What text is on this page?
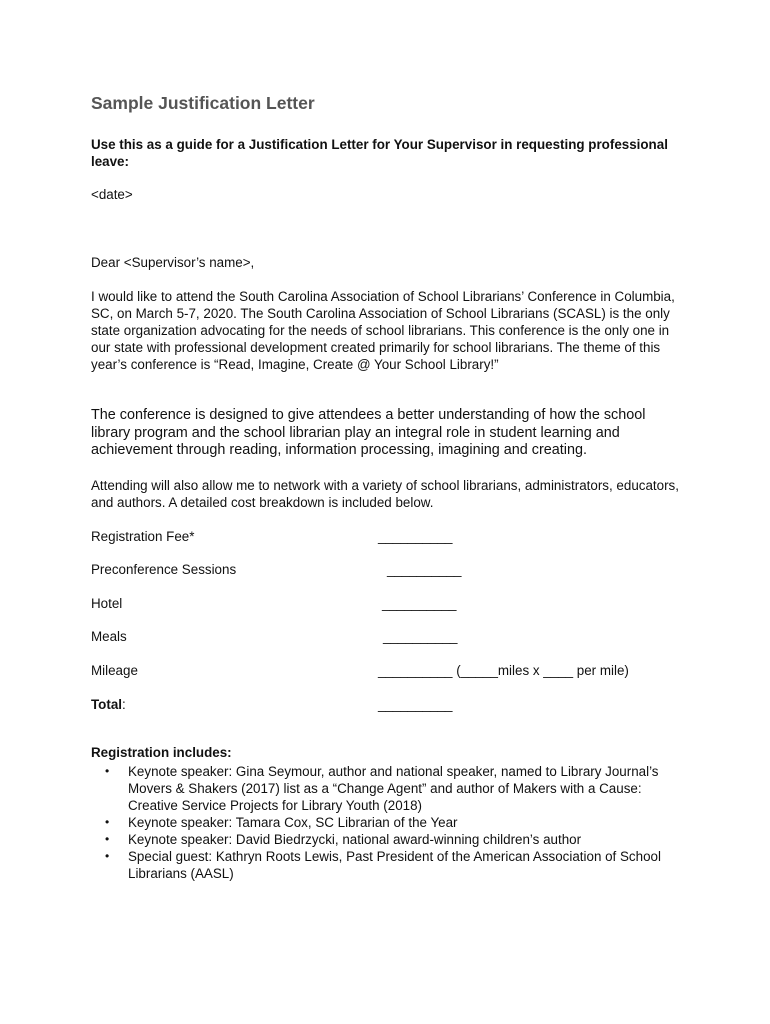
Sample Justification Letter

Use this as a guide for a Justification Letter for Your Supervisor in requesting professional leave:

<date>

Dear <Supervisor’s name>,

I would like to attend the South Carolina Association of School Librarians’ Conference in Columbia, SC, on March 5-7, 2020. The South Carolina Association of School Librarians (SCASL) is the only state organization advocating for the needs of school librarians. This conference is the only one in our state with professional development created primarily for school librarians. The theme of this year’s conference is “Read, Imagine, Create @ Your School Library!”

The conference is designed to give attendees a better understanding of how the school library program and the school librarian play an integral role in student learning and achievement through reading, information processing, imagining and creating.

Attending will also allow me to network with a variety of school librarians, administrators, educators, and authors. A detailed cost breakdown is included below.

Registration Fee*	__________
Preconference Sessions	__________
Hotel	__________
Meals	__________
Mileage	__________ (_____miles x ____ per mile)
Total:	__________

Registration includes:

• Keynote speaker: Gina Seymour, author and national speaker, named to Library Journal’s Movers & Shakers (2017) list as a “Change Agent” and author of Makers with a Cause: Creative Service Projects for Library Youth (2018)
• Keynote speaker: Tamara Cox, SC Librarian of the Year
• Keynote speaker: David Biedrzycki, national award-winning children’s author
• Special guest: Kathryn Roots Lewis, Past President of the American Association of School Librarians (AASL)
